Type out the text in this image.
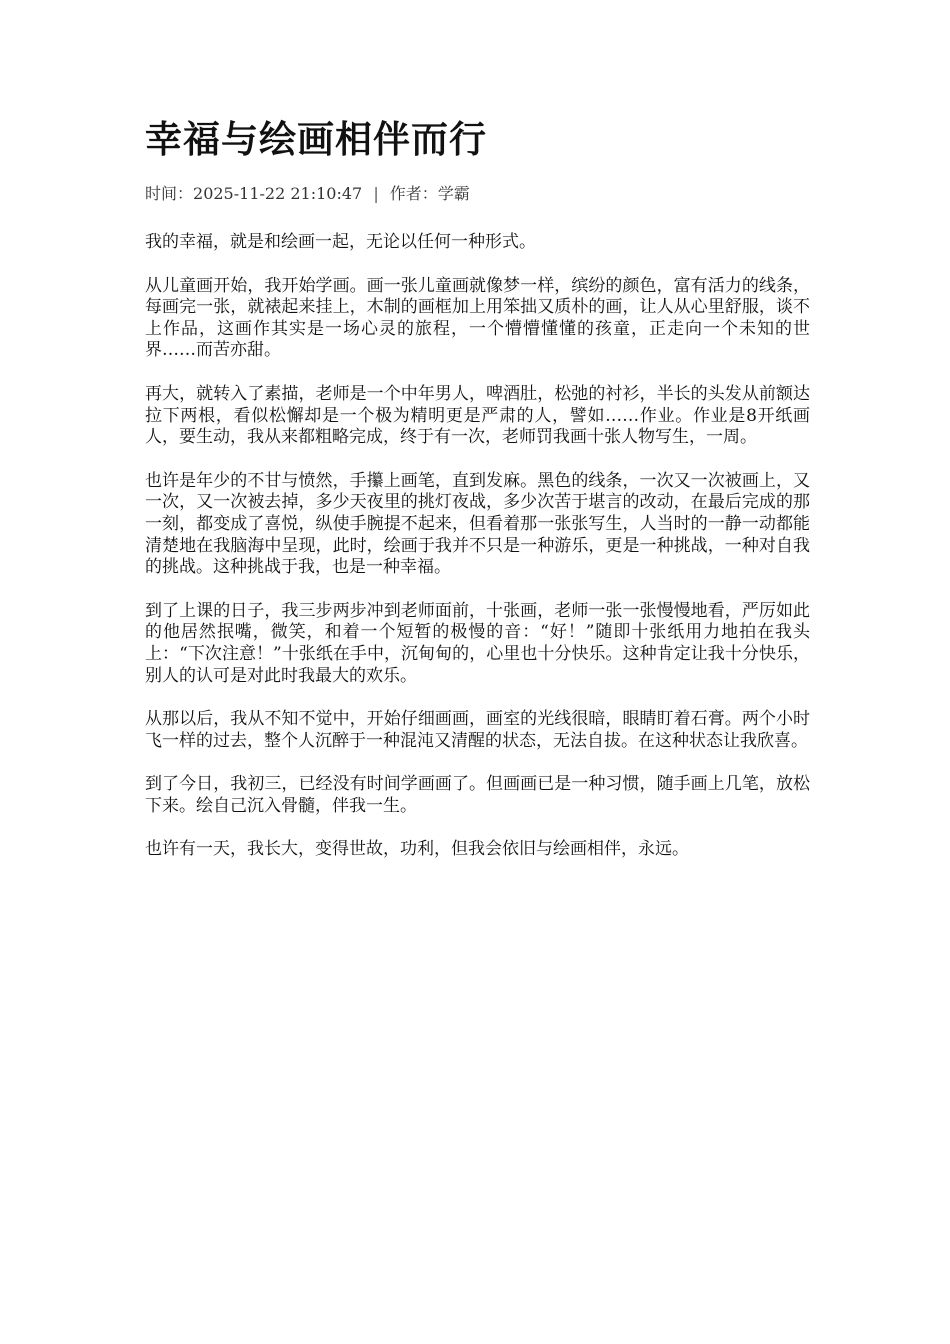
幸福与绘画相伴而行
时间：2025-11-22 21:10:47 | 作者：学霸

我的幸福，就是和绘画一起，无论以任何一种形式。

从儿童画开始，我开始学画。画一张儿童画就像梦一样，缤纷的颜色，富有活力的线条，每画完一张，就裱起来挂上，木制的画框加上用笨拙又质朴的画，让人从心里舒服，谈不上作品，这画作其实是一场心灵的旅程，一个懵懵懂懂的孩童，正走向一个未知的世界……而苦亦甜。

再大，就转入了素描，老师是一个中年男人，啤酒肚，松弛的衬衫，半长的头发从前额达拉下两根，看似松懈却是一个极为精明更是严肃的人，譬如……作业。作业是8开纸画人，要生动，我从来都粗略完成，终于有一次，老师罚我画十张人物写生，一周。

也许是年少的不甘与愤然，手攥上画笔，直到发麻。黑色的线条，一次又一次被画上，又一次，又一次被去掉，多少天夜里的挑灯夜战，多少次苦于堪言的改动，在最后完成的那一刻，都变成了喜悦，纵使手腕提不起来，但看着那一张张写生，人当时的一静一动都能清楚地在我脑海中呈现，此时，绘画于我并不只是一种游乐，更是一种挑战，一种对自我的挑战。这种挑战于我，也是一种幸福。

到了上课的日子，我三步两步冲到老师面前，十张画，老师一张一张慢慢地看，严厉如此的他居然抿嘴，微笑，和着一个短暂的极慢的音：“好！”随即十张纸用力地拍在我头上：“下次注意！”十张纸在手中，沉甸甸的，心里也十分快乐。这种肯定让我十分快乐，别人的认可是对此时我最大的欢乐。

从那以后，我从不知不觉中，开始仔细画画，画室的光线很暗，眼睛盯着石膏。两个小时飞一样的过去，整个人沉醉于一种混沌又清醒的状态，无法自拔。在这种状态让我欣喜。

到了今日，我初三，已经没有时间学画画了。但画画已是一种习惯，随手画上几笔，放松下来。绘自己沉入骨髓，伴我一生。

也许有一天，我长大，变得世故，功利，但我会依旧与绘画相伴，永远。
